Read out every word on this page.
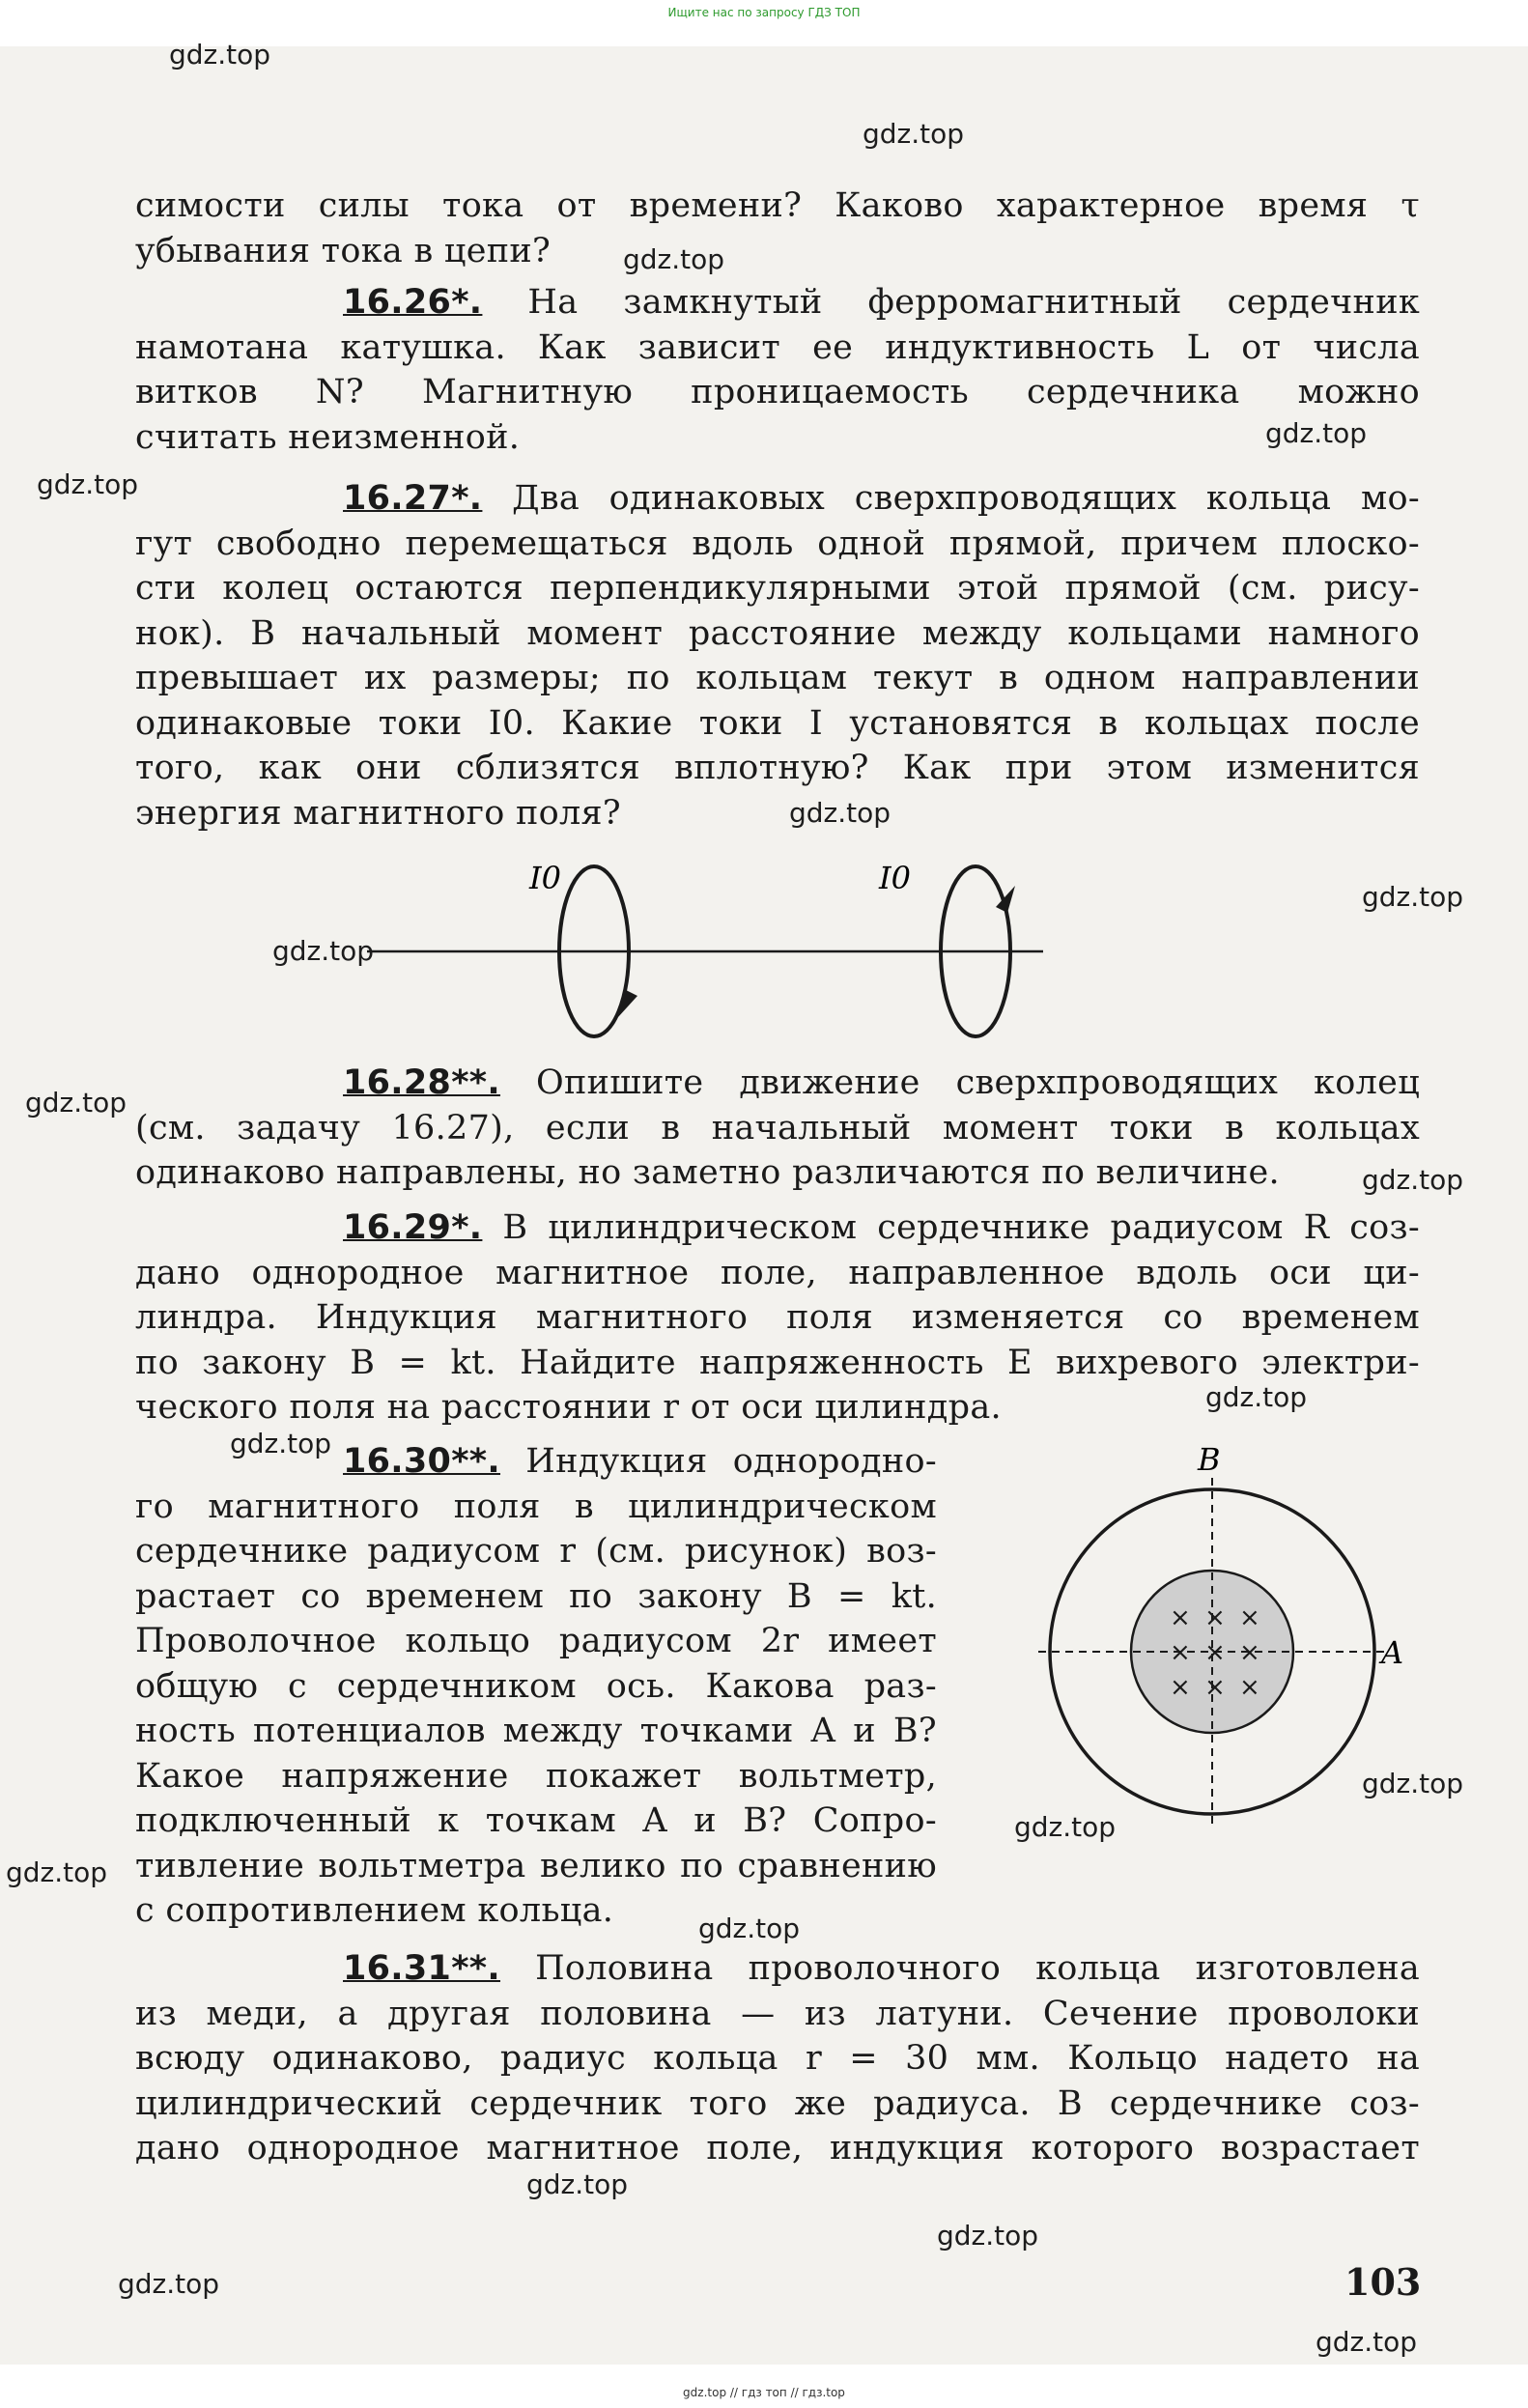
Ищите нас по запросу ГДЗ ТОП
симости силы тока от времени? Каково характерное время τ
убывания тока в цепи?
16.26*. На замкнутый ферромагнитный сердечник
намотана катушка. Как зависит ее индуктивность L от числа
витков N? Магнитную проницаемость сердечника можно
считать неизменной.
16.27*. Два одинаковых сверхпроводящих кольца мо-
гут свободно перемещаться вдоль одной прямой, причем плоско-
сти колец остаются перпендикулярными этой прямой (см. рису-
нок). В начальный момент расстояние между кольцами намного
превышает их размеры; по кольцам текут в одном направлении
одинаковые токи I0. Какие токи I установятся в кольцах после
того, как они сблизятся вплотную? Как при этом изменится
энергия магнитного поля?
I0	I0
16.28**. Опишите движение сверхпроводящих колец
(см. задачу 16.27), если в начальный момент токи в кольцах
одинаково направлены, но заметно различаются по величине.
16.29*. В цилиндрическом сердечнике радиусом R соз-
дано однородное магнитное поле, направленное вдоль оси ци-
линдра. Индукция магнитного поля изменяется со временем
по закону B = kt. Найдите напряженность E вихревого электри-
ческого поля на расстоянии r от оси цилиндра.
16.30**. Индукция однородно-
го магнитного поля в цилиндрическом
сердечнике радиусом r (см. рисунок) воз-
растает со временем по закону B = kt.
Проволочное кольцо радиусом 2r имеет
общую с сердечником ось. Какова раз-
ность потенциалов между точками A и B?
Какое напряжение покажет вольтметр,
подключенный к точкам A и B? Сопро-
тивление вольтметра велико по сравнению
с сопротивлением кольца.
×
×
×
×
×
×
×
×
×
B
A
16.31**. Половина проволочного кольца изготовлена
из меди, а другая половина — из латуни. Сечение проволоки
всюду одинаково, радиус кольца r = 30 мм. Кольцо надето на
цилиндрический сердечник того же радиуса. В сердечнике соз-
дано однородное магнитное поле, индукция которого возрастает
103
gdz.top
gdz.top
gdz.top
gdz.top
gdz.top
gdz.top
gdz.top
gdz.top
gdz.top
gdz.top
gdz.top
gdz.top
gdz.top
gdz.top
gdz.top
gdz.top
gdz.top
gdz.top
gdz.top
gdz.top
gdz.top // гдз топ // гдз.top
